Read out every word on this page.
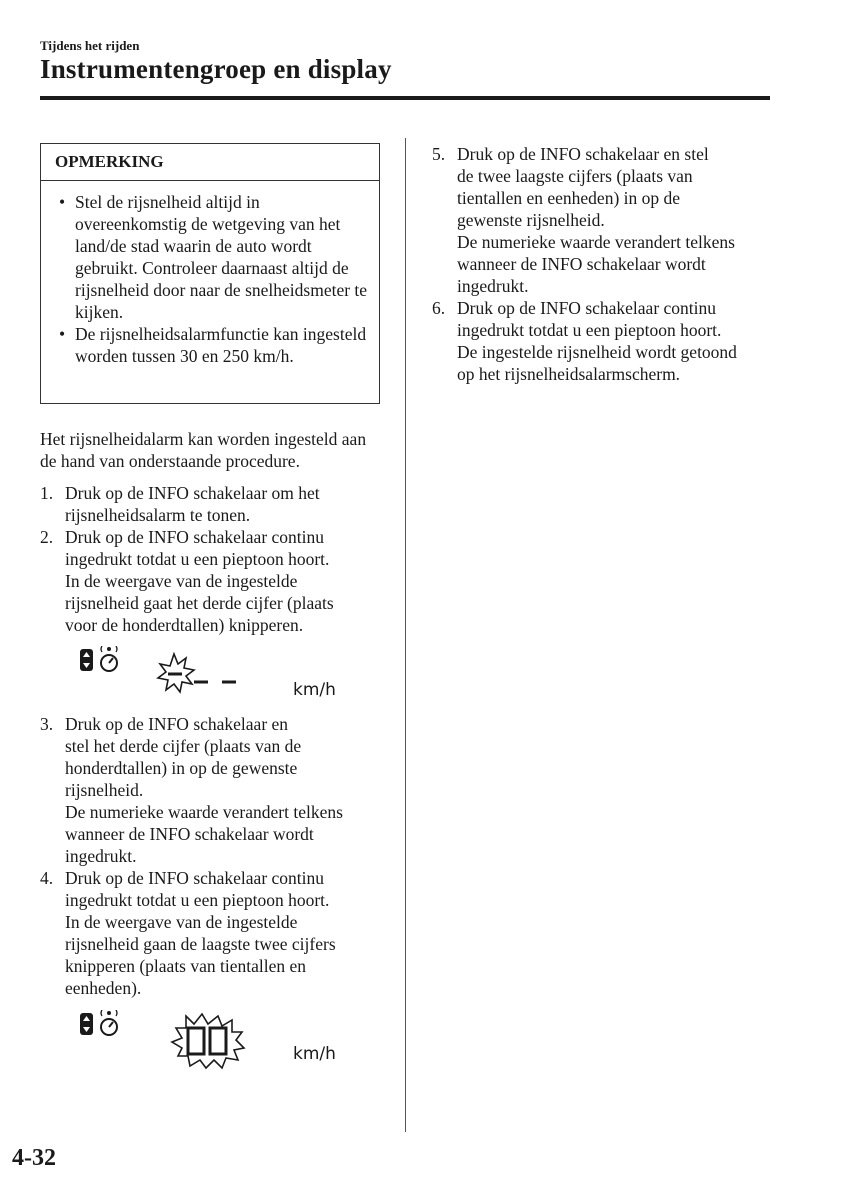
Tijdens het rijden
Instrumentengroep en display
OPMERKING
• Stel de rijsnelheid altijd in overeenkomstig de wetgeving van het land/de stad waarin de auto wordt gebruikt. Controleer daarnaast altijd de rijsnelheid door naar de snelheidsmeter te kijken.
• De rijsnelheidsalarmfunctie kan ingesteld worden tussen 30 en 250 km/h.
Het rijsnelheidalarm kan worden ingesteld aan de hand van onderstaande procedure.
1. Druk op de INFO schakelaar om het
rijsnelheidsalarm te tonen.
2. Druk op de INFO schakelaar continu
ingedrukt totdat u een pieptoon hoort.
In de weergave van de ingestelde
rijsnelheid gaat het derde cijfer (plaats
voor de honderdtallen) knipperen.
km/h
3. Druk op de INFO schakelaar en
stel het derde cijfer (plaats van de
honderdtallen) in op de gewenste
rijsnelheid.
De numerieke waarde verandert telkens
wanneer de INFO schakelaar wordt
ingedrukt.
4. Druk op de INFO schakelaar continu
ingedrukt totdat u een pieptoon hoort.
In de weergave van de ingestelde
rijsnelheid gaan de laagste twee cijfers
knipperen (plaats van tientallen en
eenheden).
km/h
5. Druk op de INFO schakelaar en stel
de twee laagste cijfers (plaats van
tientallen en eenheden) in op de
gewenste rijsnelheid.
De numerieke waarde verandert telkens
wanneer de INFO schakelaar wordt
ingedrukt.
6. Druk op de INFO schakelaar continu
ingedrukt totdat u een pieptoon hoort.
De ingestelde rijsnelheid wordt getoond
op het rijsnelheidsalarmscherm.
4-32
